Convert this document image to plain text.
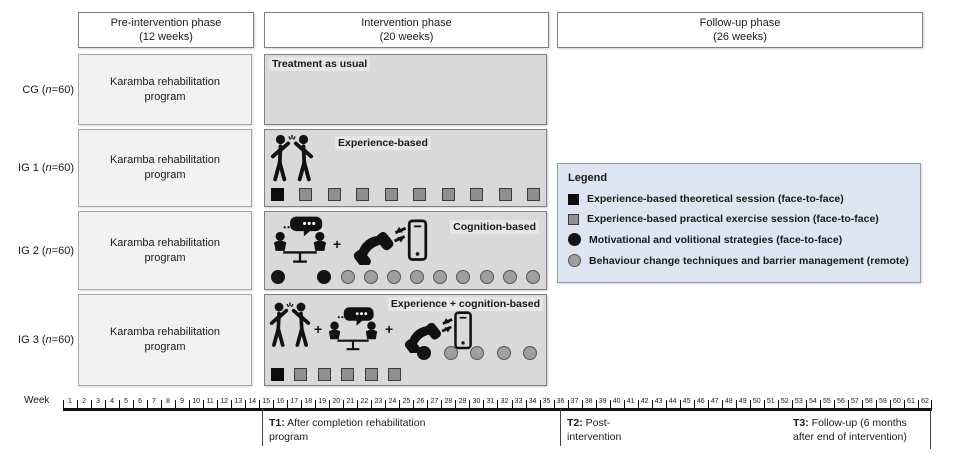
Pre-intervention phase
(12 weeks)
Intervention phase
(20 weeks)
Follow-up phase
(26 weeks)
CG (n=60)
IG 1 (n=60)
IG 2 (n=60)
IG 3 (n=60)
Karamba rehabilitation program
Karamba rehabilitation program
Karamba rehabilitation program
Karamba rehabilitation program
Treatment as usual
Experience-based
Cognition-based
+
Experience + cognition-based
+	+
Legend
Experience-based theoretical session (face-to-face)
Experience-based practical exercise session (face-to-face)
Motivational and volitional strategies (face-to-face)
Behaviour change techniques and barrier management (remote)
Week	1	2	3	4	5	6	7	8	9	10 11 12 13 14 15 16 17 18 19 20 21 22 23 24 25 26 27 28 29 30 31 32 33 34 35 36 37 38 39 40 41 42 43 44 45 46 47 48 49 50 51 52 53 54 55 56 57 58 59 60 61 62
T1: After completion rehabilitation program
T2: Post-intervention
T3: Follow-up (6 months after end of intervention)
